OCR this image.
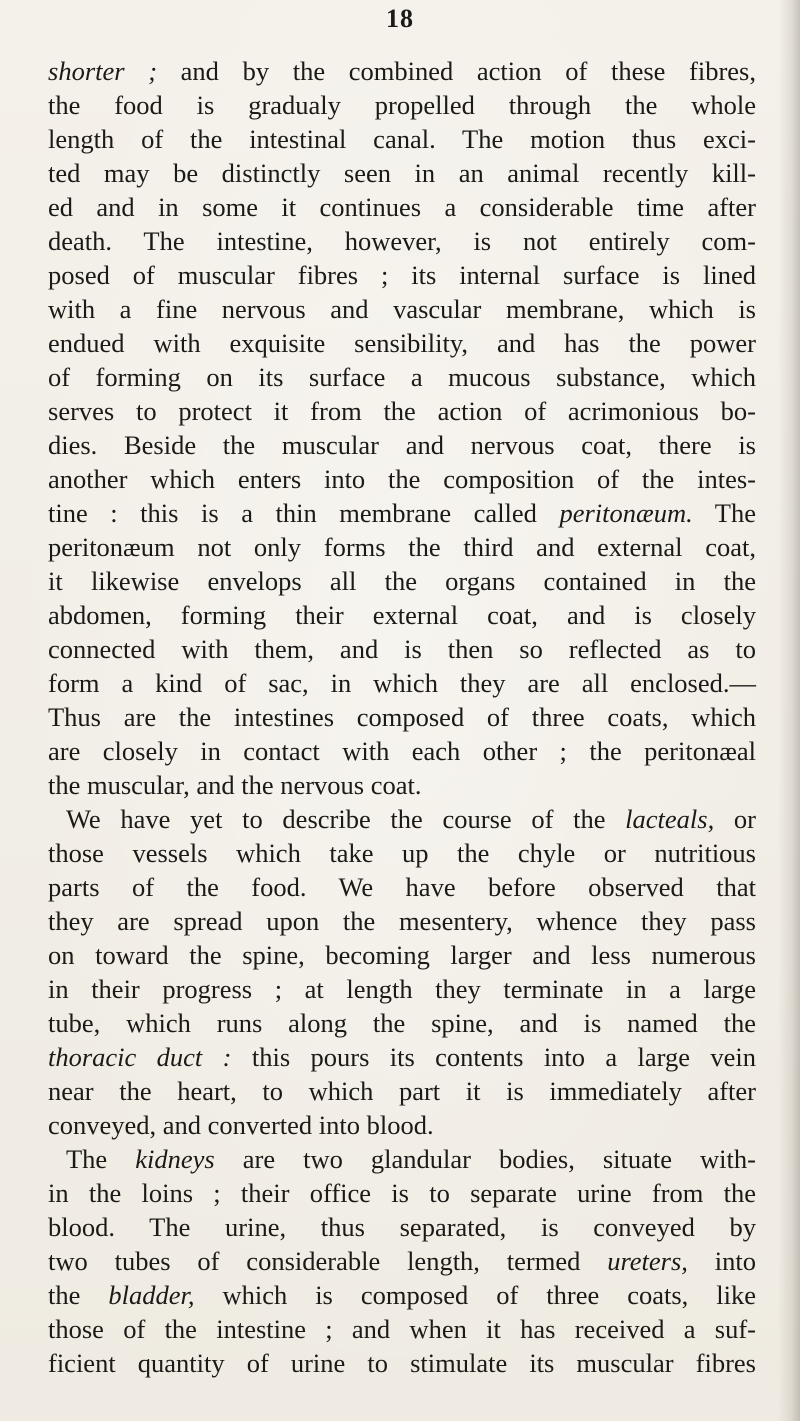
18
shorter ; and by the combined action of these fibres,
the food is gradualy propelled through the whole
length of the intestinal canal. The motion thus exci-
ted may be distinctly seen in an animal recently kill-
ed and in some it continues a considerable time after
death. The intestine, however, is not entirely com-
posed of muscular fibres ; its internal surface is lined
with a fine nervous and vascular membrane, which is
endued with exquisite sensibility, and has the power
of forming on its surface a mucous substance, which
serves to protect it from the action of acrimonious bo-
dies. Beside the muscular and nervous coat, there is
another which enters into the composition of the intes-
tine : this is a thin membrane called peritonæum. The
peritonæum not only forms the third and external coat,
it likewise envelops all the organs contained in the
abdomen, forming their external coat, and is closely
connected with them, and is then so reflected as to
form a kind of sac, in which they are all enclosed.—
Thus are the intestines composed of three coats, which
are closely in contact with each other ; the peritonæal
the muscular, and the nervous coat.
We have yet to describe the course of the lacteals, or
those vessels which take up the chyle or nutritious
parts of the food. We have before observed that
they are spread upon the mesentery, whence they pass
on toward the spine, becoming larger and less numerous
in their progress ; at length they terminate in a large
tube, which runs along the spine, and is named the
thoracic duct : this pours its contents into a large vein
near the heart, to which part it is immediately after
conveyed, and converted into blood.
The kidneys are two glandular bodies, situate with-
in the loins ; their office is to separate urine from the
blood. The urine, thus separated, is conveyed by
two tubes of considerable length, termed ureters, into
the bladder, which is composed of three coats, like
those of the intestine ; and when it has received a suf-
ficient quantity of urine to stimulate its muscular fibres
